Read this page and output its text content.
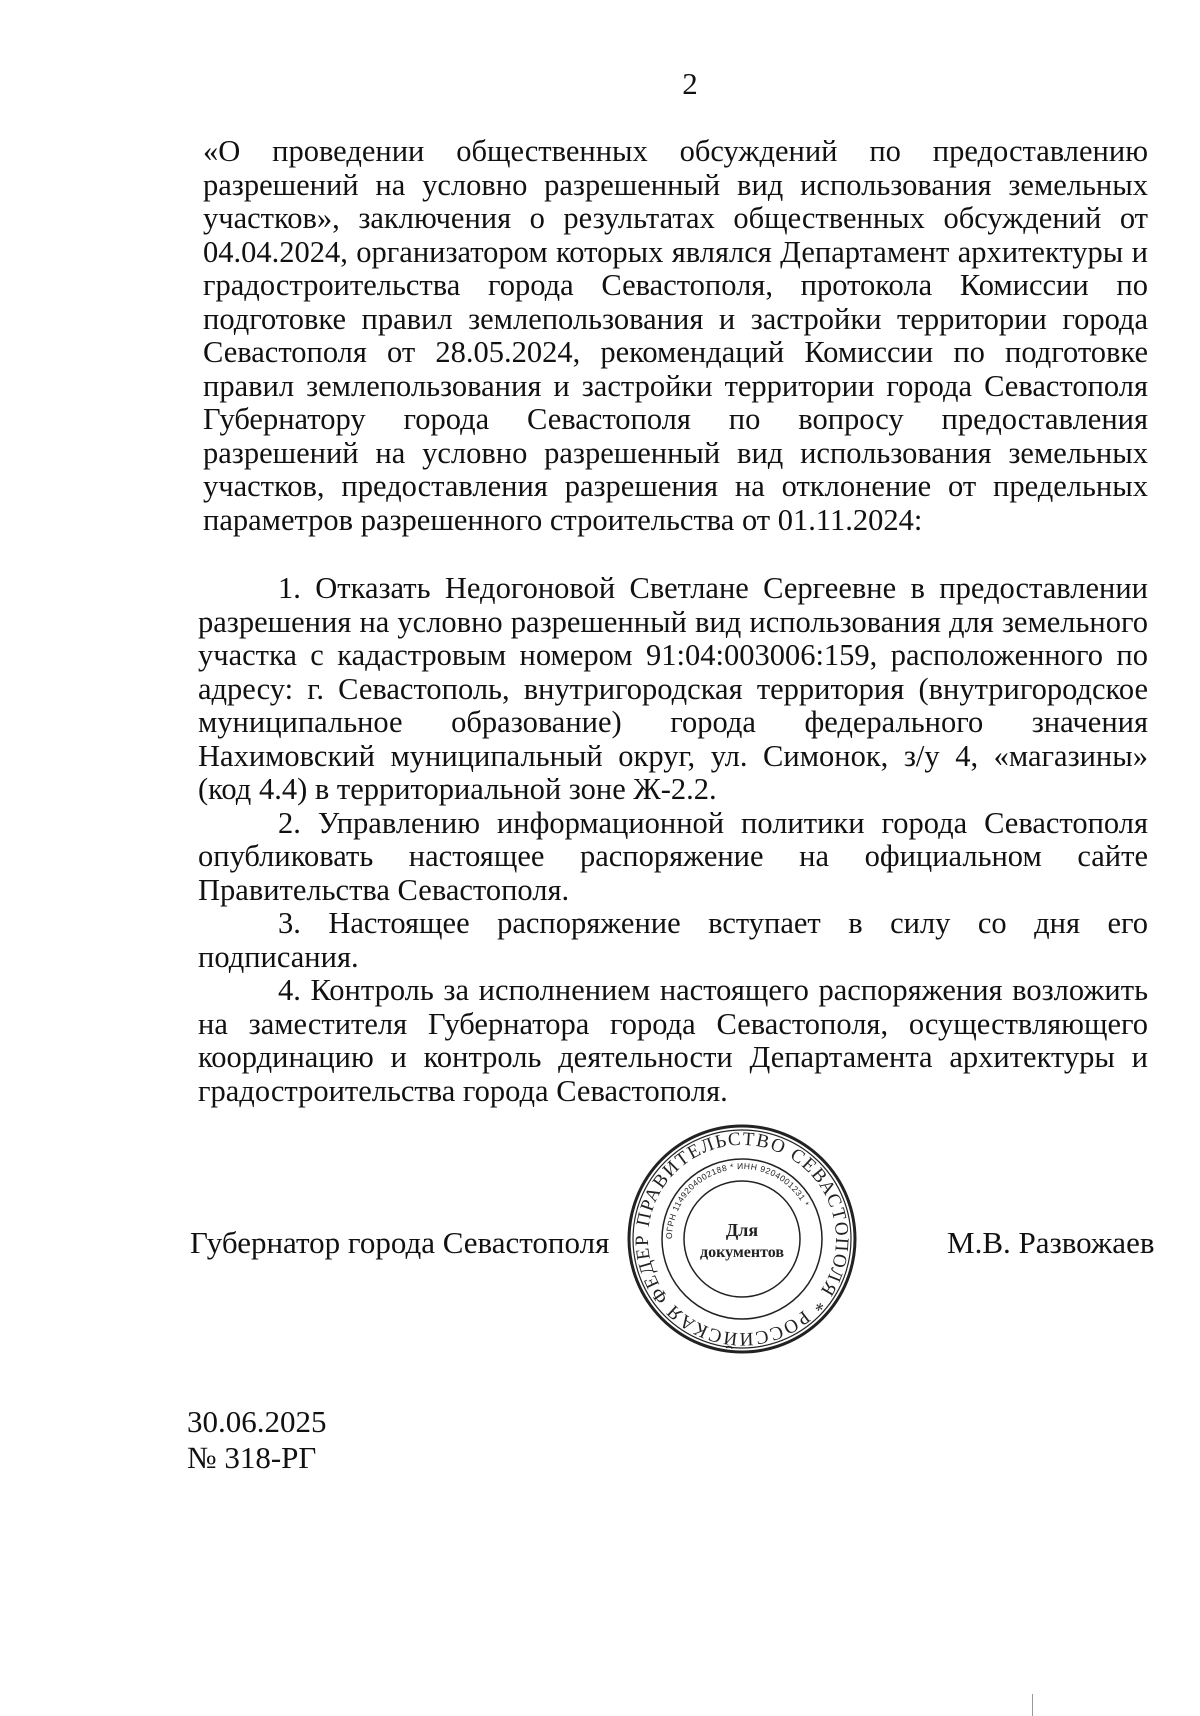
2

«О проведении общественных обсуждений по предоставлению разрешений на условно разрешенный вид использования земельных участков», заключения о результатах общественных обсуждений от 04.04.2024, организатором которых являлся Департамент архитектуры и градостроительства города Севастополя, протокола Комиссии по подготовке правил землепользования и застройки территории города Севастополя от 28.05.2024, рекомендаций Комиссии по подготовке правил землепользования и застройки территории города Севастополя Губернатору города Севастополя по вопросу предоставления разрешений на условно разрешенный вид использования земельных участков, предоставления разрешения на отклонение от предельных параметров разрешенного строительства от 01.11.2024:

1. Отказать Недогоновой Светлане Сергеевне в предоставлении разрешения на условно разрешенный вид использования для земельного участка с кадастровым номером 91:04:003006:159, расположенного по адресу: г. Севастополь, внутригородская территория (внутригородское муниципальное образование) города федерального значения Нахимовский муниципальный округ, ул. Симонок, з/у 4, «магазины» (код 4.4) в территориальной зоне Ж-2.2.

2. Управлению информационной политики города Севастополя опубликовать настоящее распоряжение на официальном сайте Правительства Севастополя.

3. Настоящее распоряжение вступает в силу со дня его подписания.

4. Контроль за исполнением настоящего распоряжения возложить на заместителя Губернатора города Севастополя, осуществляющего координацию и контроль деятельности Департамента архитектуры и градостроительства города Севастополя.

Губернатор города Севастополя
ПРАВИТЕЛЬСТВО СЕВАСТОПОЛЯ * РОССИЙСКАЯ ФЕДЕР
ОГРН 1149204002188 * ИНН 9204001231 *
Для
документов	М.В. Развожаев
30.06.2025
№ 318-РГ
